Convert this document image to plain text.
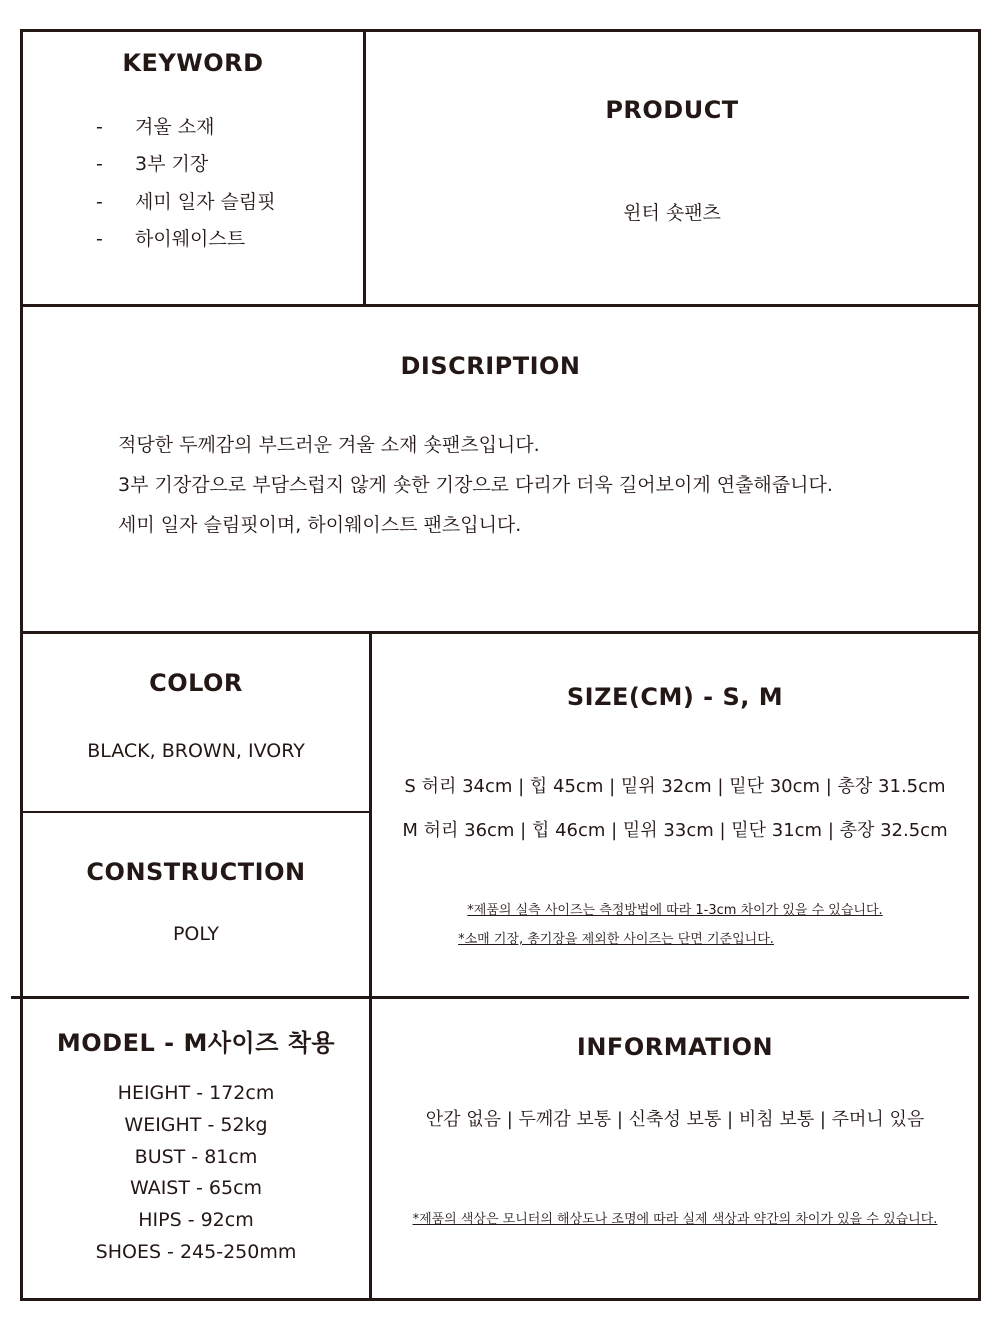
KEYWORD
- 겨울 소재
- 3부 기장
- 세미 일자 슬림핏
- 하이웨이스트
PRODUCT
윈터 숏팬츠
DISCRIPTION
적당한 두께감의 부드러운 겨울 소재 숏팬츠입니다.
3부 기장감으로 부담스럽지 않게 숏한 기장으로 다리가 더욱 길어보이게 연출해줍니다.
세미 일자 슬림핏이며, 하이웨이스트 팬츠입니다.
COLOR
BLACK, BROWN, IVORY
CONSTRUCTION
POLY
SIZE(CM) - S, M
S 허리 34cm | 힙 45cm | 밑위 32cm | 밑단 30cm | 총장 31.5cm
M 허리 36cm | 힙 46cm | 밑위 33cm | 밑단 31cm | 총장 32.5cm
*제품의 실측 사이즈는 측정방법에 따라 1-3cm 차이가 있을 수 있습니다.
*소매 기장, 총기장을 제외한 사이즈는 단면 기준입니다.
MODEL - M사이즈 착용
HEIGHT - 172cm
WEIGHT - 52kg
BUST - 81cm
WAIST - 65cm
HIPS - 92cm
SHOES - 245-250mm
INFORMATION
안감 없음 | 두께감 보통 | 신축성 보통 | 비침 보통 | 주머니 있음
*제품의 색상은 모니터의 해상도나 조명에 따라 실제 색상과 약간의 차이가 있을 수 있습니다.
